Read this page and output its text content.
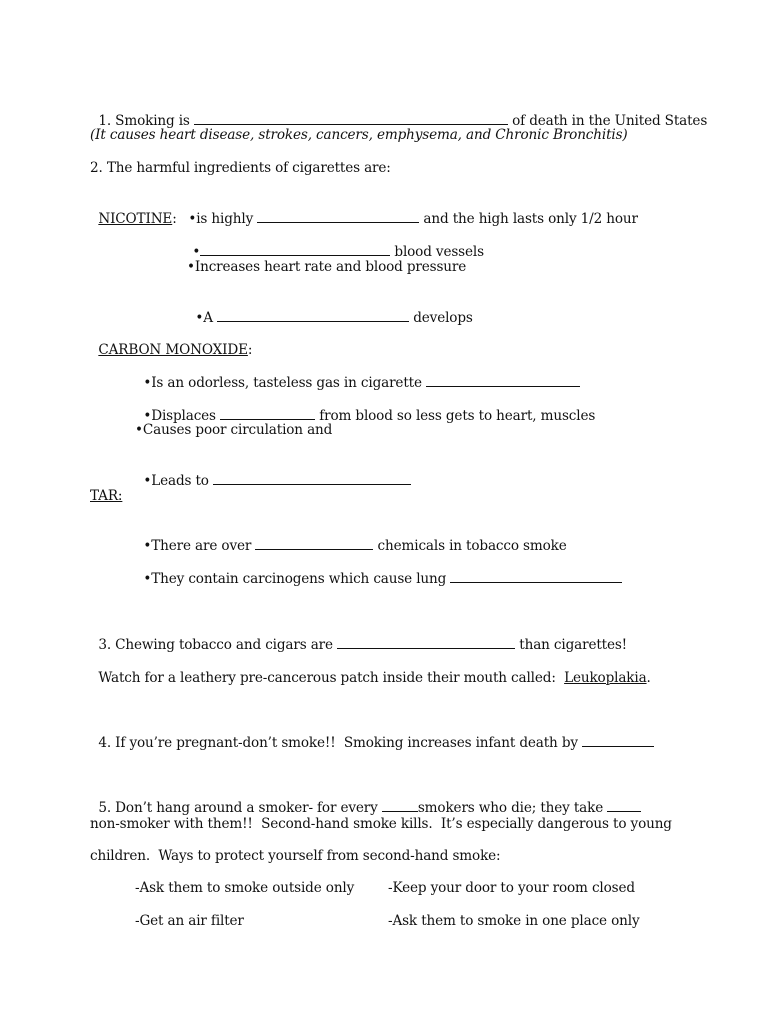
1. Smoking is	of death in the United States

(It causes heart disease, strokes, cancers, emphysema, and Chronic Bronchitis)
2. The harmful ingredients of cigarettes are:

NICOTINE: •is highly	and the high lasts only 1/2 hour

•	blood vessels

•Increases heart rate and blood pressure

•A	develops

CARBON MONOXIDE:

•Is an odorless, tasteless gas in cigarette

•Displaces	from blood so less gets to heart, muscles

•Causes poor circulation and

•Leads to

TAR:

•There are over	chemicals in tobacco smoke

•They contain carcinogens which cause lung

3. Chewing tobacco and cigars are	than cigarettes!

Watch for a leathery pre-cancerous patch inside their mouth called:  Leukoplakia.

4. If you’re pregnant-don’t smoke!!  Smoking increases infant death by

5. Don’t hang around a smoker- for every	smokers who die; they take

non-smoker with them!!  Second-hand smoke kills.  It’s especially dangerous to young
children.  Ways to protect yourself from second-hand smoke:
-Ask them to smoke outside only -Keep your door to your room closed
-Get an air filter	-Ask them to smoke in one place only
